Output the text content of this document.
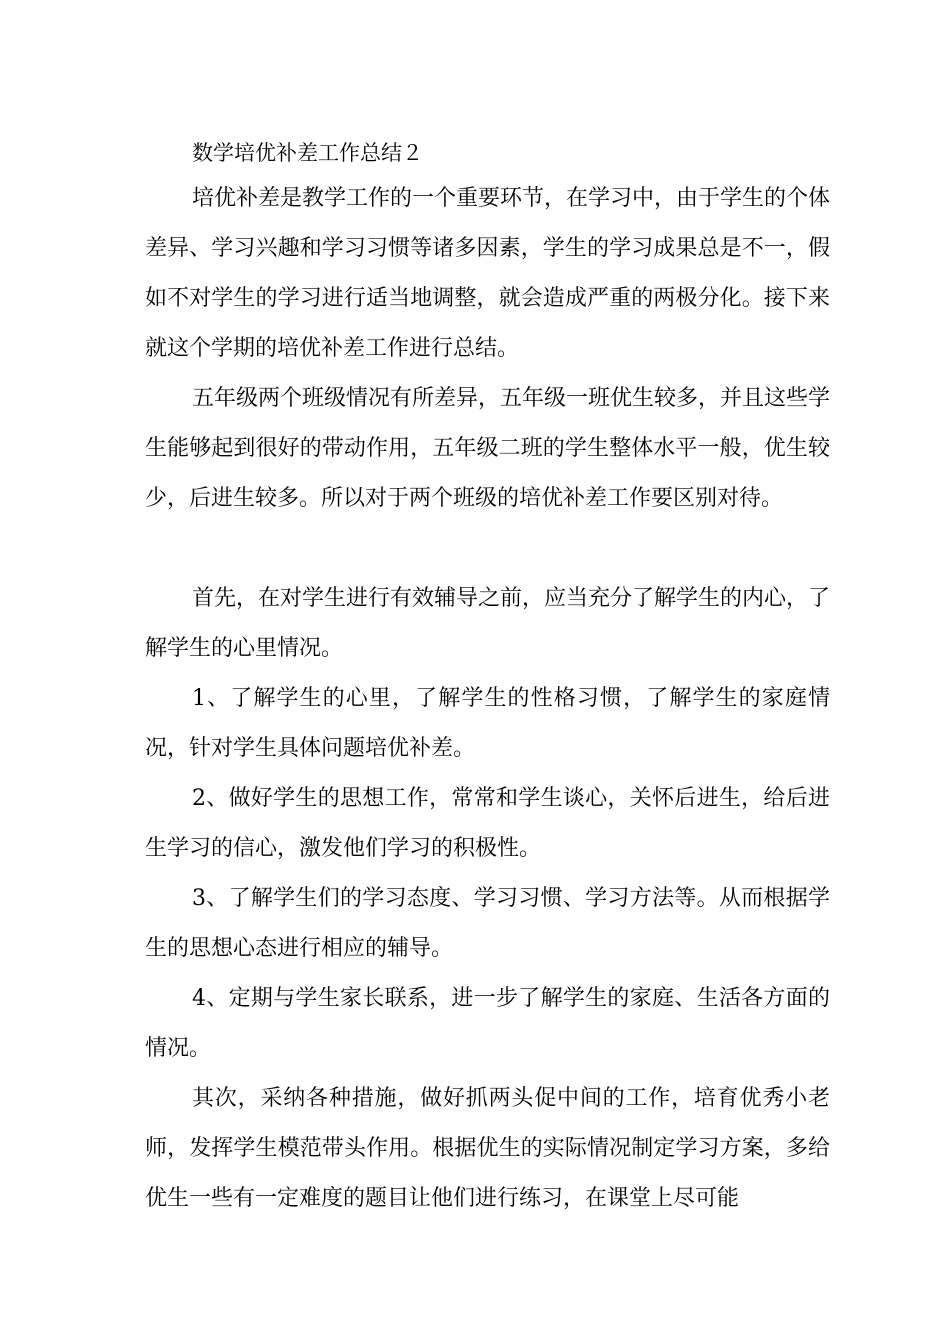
数学培优补差工作总结２

培优补差是教学工作的一个重要环节，在学习中，由于学生的个体差异、学习兴趣和学习习惯等诸多因素，学生的学习成果总是不一，假如不对学生的学习进行适当地调整，就会造成严重的两极分化。接下来就这个学期的培优补差工作进行总结。

五年级两个班级情况有所差异，五年级一班优生较多，并且这些学生能够起到很好的带动作用，五年级二班的学生整体水平一般，优生较少，后进生较多。所以对于两个班级的培优补差工作要区别对待。

首先，在对学生进行有效辅导之前，应当充分了解学生的内心，了解学生的心里情况。

1、了解学生的心里，了解学生的性格习惯，了解学生的家庭情况，针对学生具体问题培优补差。

2、做好学生的思想工作，常常和学生谈心，关怀后进生，给后进生学习的信心，激发他们学习的积极性。

3、了解学生们的学习态度、学习习惯、学习方法等。从而根据学生的思想心态进行相应的辅导。

4、定期与学生家长联系，进一步了解学生的家庭、生活各方面的情况。

其次，采纳各种措施，做好抓两头促中间的工作，培育优秀小老师，发挥学生模范带头作用。根据优生的实际情况制定学习方案，多给优生一些有一定难度的题目让他们进行练习，在课堂上尽可能
